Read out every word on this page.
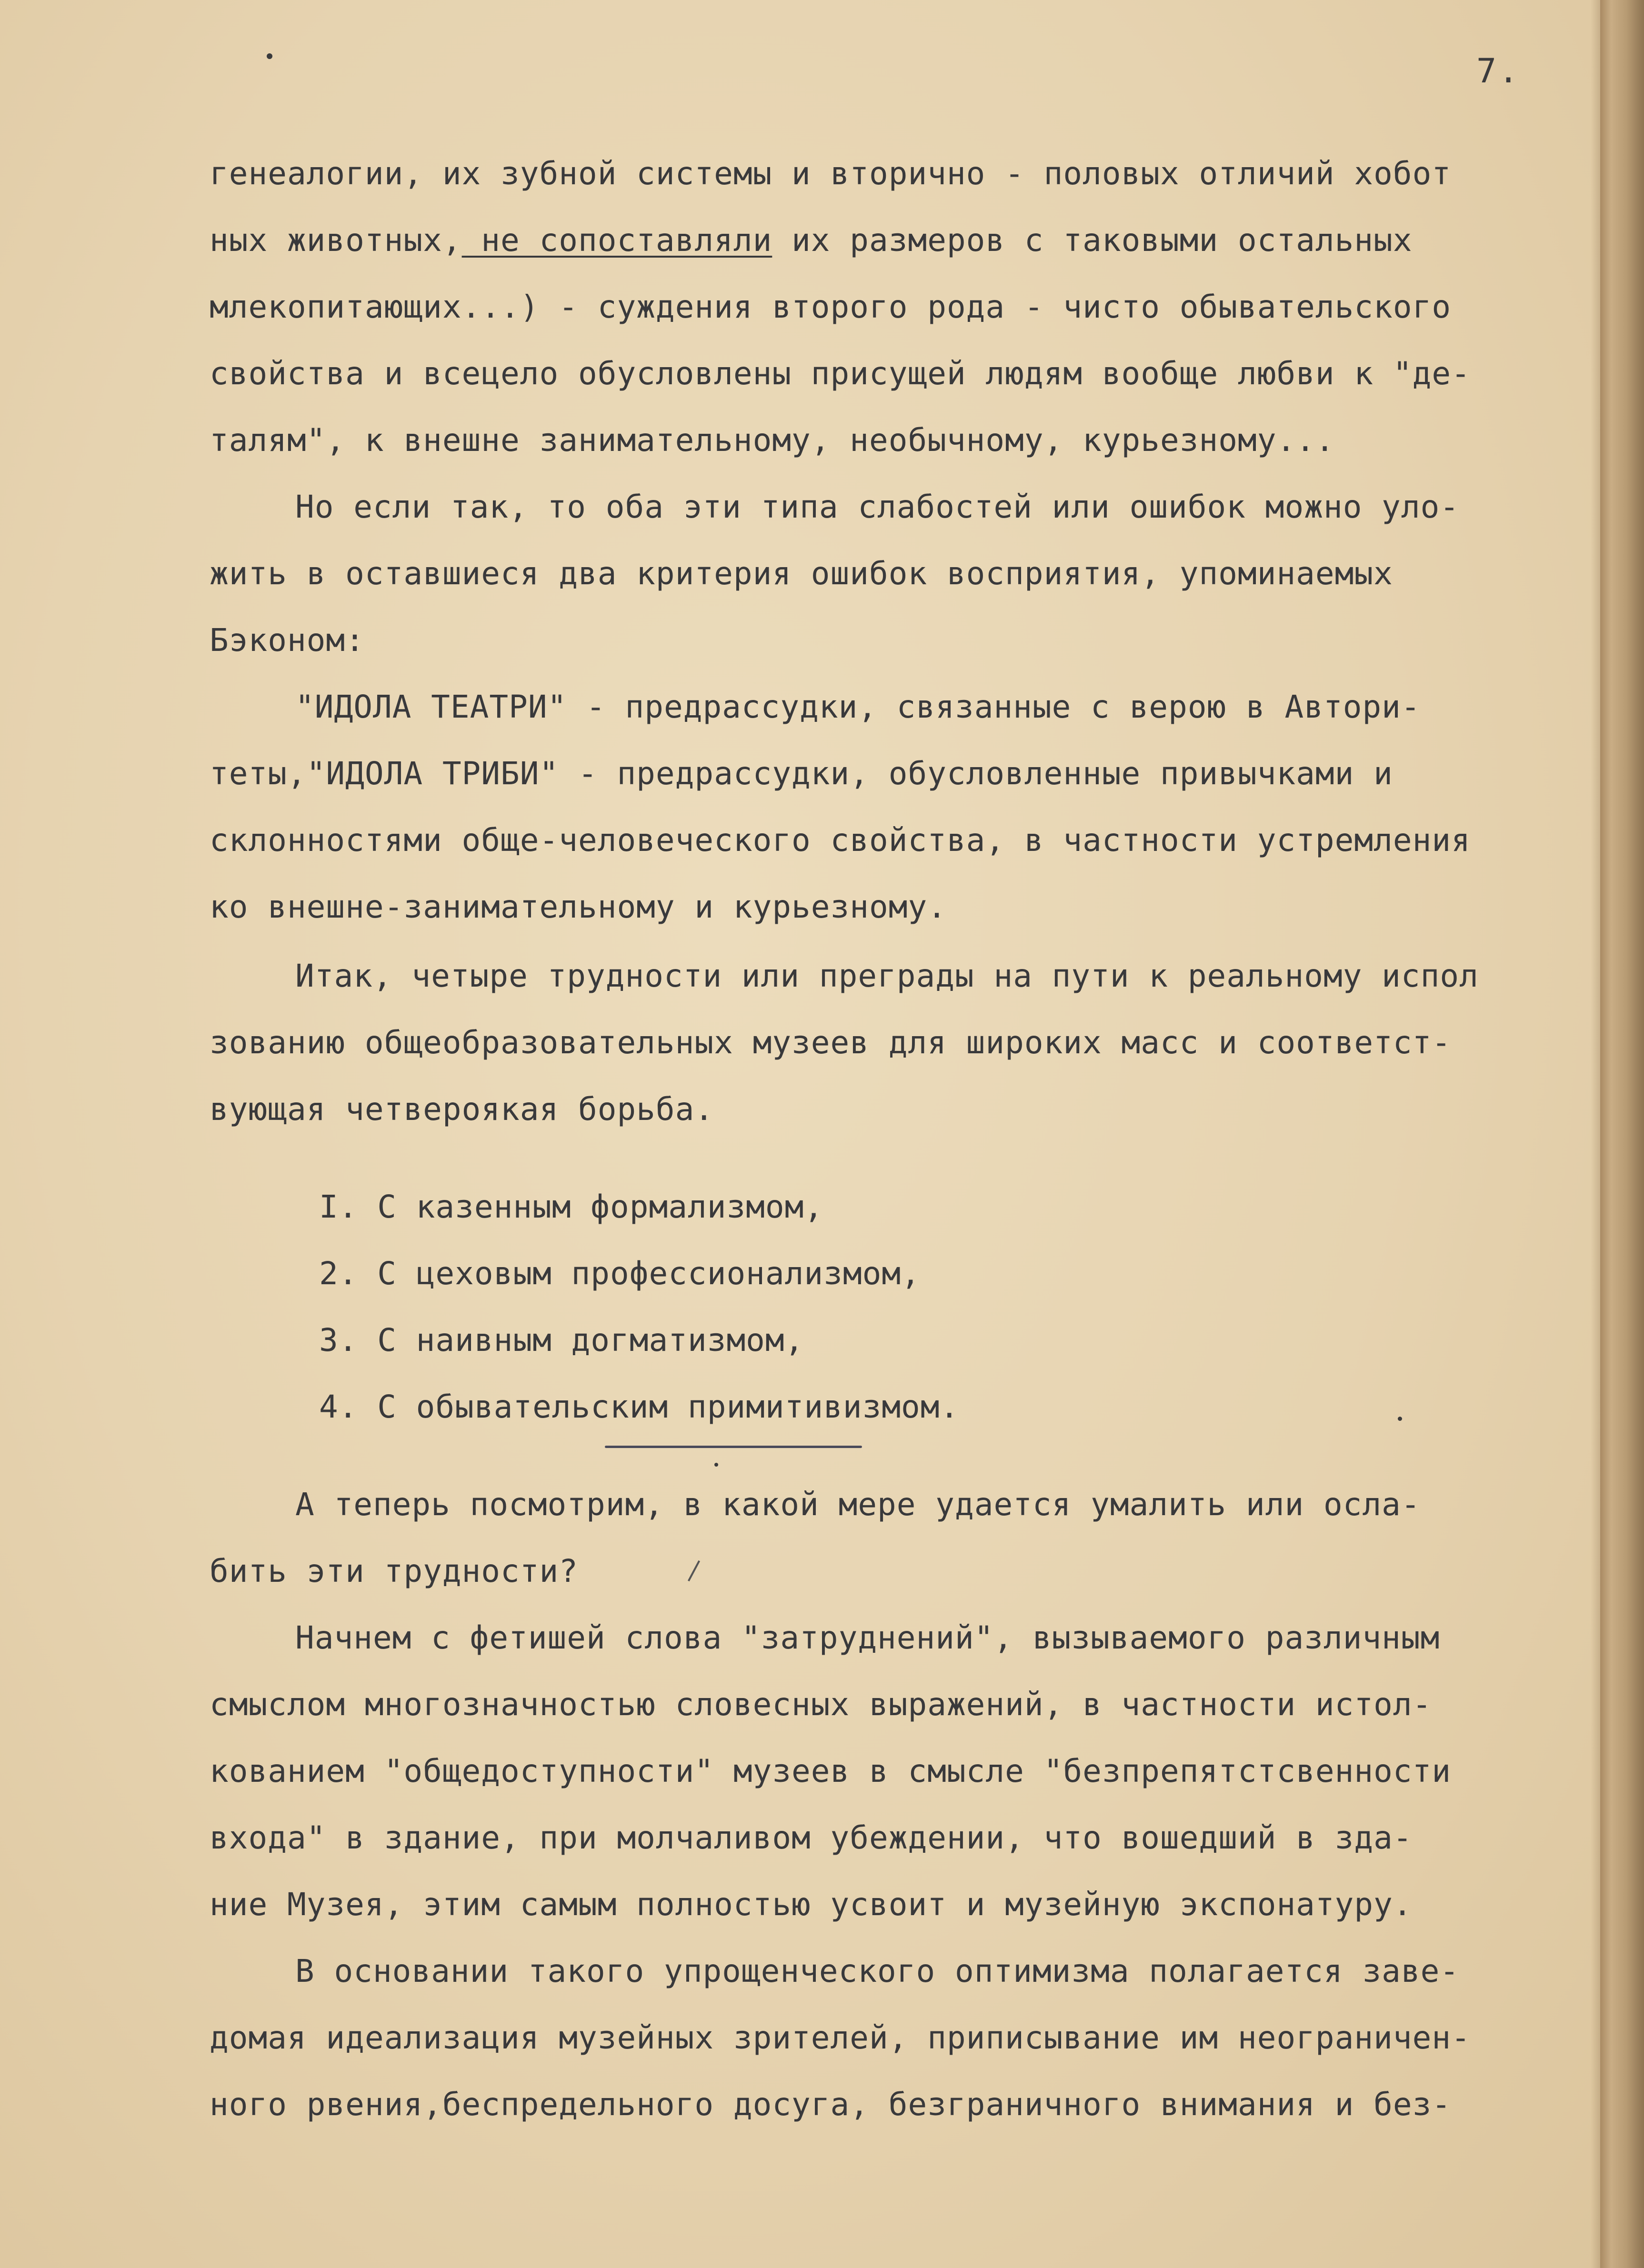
7.
генеалогии, их зубной системы и вторично - половых отличий хобот
ных животных, не сопоставляли их размеров с таковыми остальных
млекопитающих...) - суждения второго рода - чисто обывательского
свойства и всецело обусловлены присущей людям вообще любви к "де-
талям", к внешне занимательному, необычному, курьезному...
Но если так, то оба эти типа слабостей или ошибок можно уло-
жить в оставшиеся два критерия ошибок восприятия, упоминаемых
Бэконом:
"ИДОЛА ТЕАТРИ" - предрассудки, связанные с верою в Автори-
теты,"ИДОЛА ТРИБИ" - предрассудки, обусловленные привычками и
склонностями обще-человеческого свойства, в частности устремления
ко внешне-занимательному и курьезному.
Итак, четыре трудности или преграды на пути к реальному испол
зованию общеобразовательных музеев для широких масс и соответст-
вующая четверoякая борьба.
I. С казенным формализмом,
2. С цеховым профессионализмом,
3. С наивным догматизмом,
4. С обывательским примитивизмом.
А теперь посмотрим, в какой мере удается умалить или осла-
бить эти трудности?
Начнем с фетишей слова "затруднений", вызываемого различным
смыслом многозначностью словесных выражений, в частности истол-
кованием "общедоступности" музеев в смысле "безпрепятстсвенности
входа" в здание, при молчаливом убеждении, что вошедший в зда-
ние Музея, этим самым полностью усвоит и музейную экспонатуру.
В основании такого упрощенческого оптимизма полагается заве-
домая идеализация музейных зрителей, приписывание им неограничен-
ного рвения,беспредельного досуга, безграничного внимания и без-
